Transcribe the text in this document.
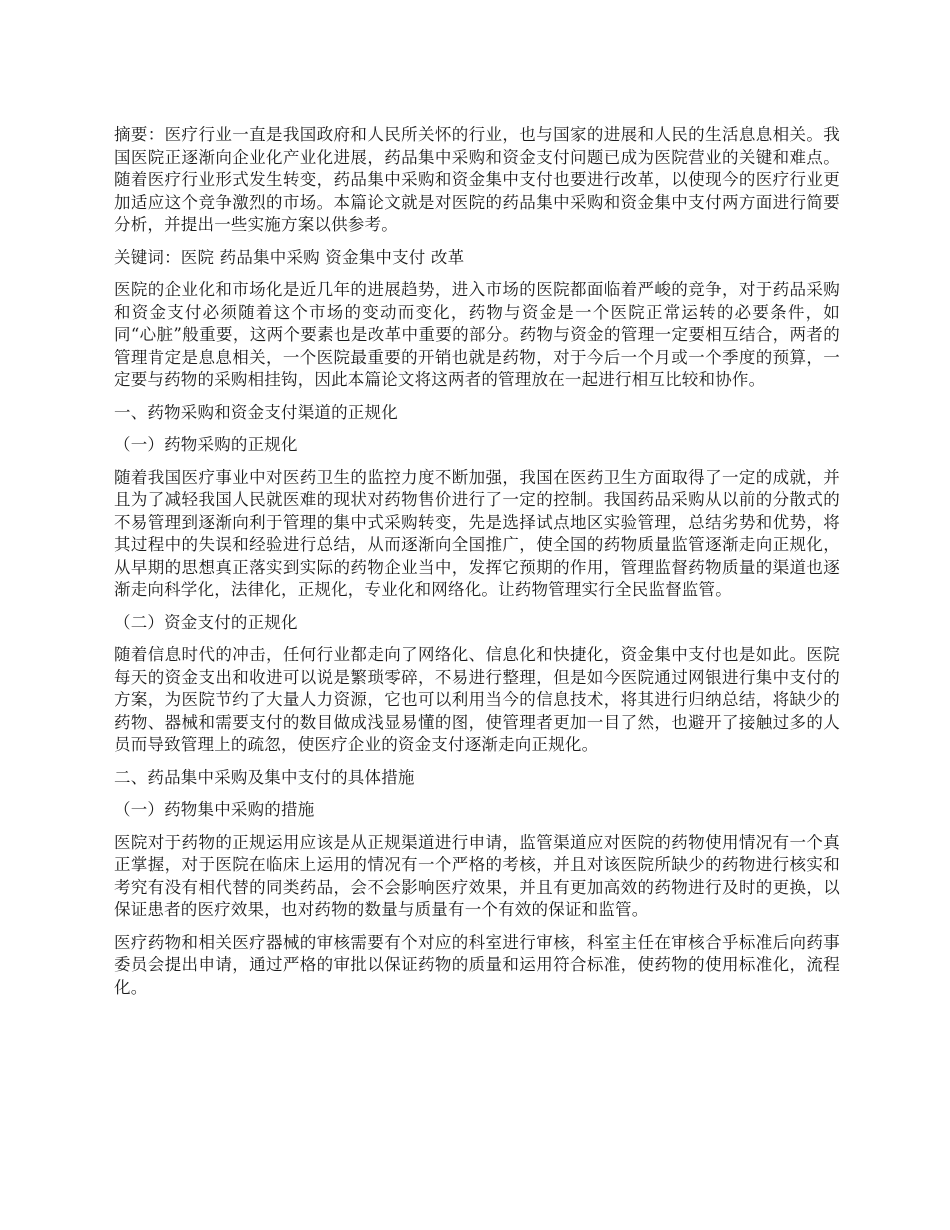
摘要：医疗行业一直是我国政府和人民所关怀的行业，也与国家的进展和人民的生活息息相关。我国医院正逐渐向企业化产业化进展，药品集中采购和资金支付问题已成为医院营业的关键和难点。随着医疗行业形式发生转变，药品集中采购和资金集中支付也要进行改革，以使现今的医疗行业更加适应这个竞争激烈的市场。本篇论文就是对医院的药品集中采购和资金集中支付两方面进行简要分析，并提出一些实施方案以供参考。

关键词：医院 药品集中采购 资金集中支付 改革

医院的企业化和市场化是近几年的进展趋势，进入市场的医院都面临着严峻的竞争，对于药品采购和资金支付必须随着这个市场的变动而变化，药物与资金是一个医院正常运转的必要条件，如同“心脏”般重要，这两个要素也是改革中重要的部分。药物与资金的管理一定要相互结合，两者的管理肯定是息息相关，一个医院最重要的开销也就是药物，对于今后一个月或一个季度的预算，一定要与药物的采购相挂钩，因此本篇论文将这两者的管理放在一起进行相互比较和协作。

一、药物采购和资金支付渠道的正规化

（一）药物采购的正规化

随着我国医疗事业中对医药卫生的监控力度不断加强，我国在医药卫生方面取得了一定的成就，并且为了减轻我国人民就医难的现状对药物售价进行了一定的控制。我国药品采购从以前的分散式的不易管理到逐渐向利于管理的集中式采购转变，先是选择试点地区实验管理，总结劣势和优势，将其过程中的失误和经验进行总结，从而逐渐向全国推广，使全国的药物质量监管逐渐走向正规化，从早期的思想真正落实到实际的药物企业当中，发挥它预期的作用，管理监督药物质量的渠道也逐渐走向科学化，法律化，正规化，专业化和网络化。让药物管理实行全民监督监管。

（二）资金支付的正规化

随着信息时代的冲击，任何行业都走向了网络化、信息化和快捷化，资金集中支付也是如此。医院每天的资金支出和收进可以说是繁琐零碎，不易进行整理，但是如今医院通过网银进行集中支付的方案，为医院节约了大量人力资源，它也可以利用当今的信息技术，将其进行归纳总结，将缺少的药物、器械和需要支付的数目做成浅显易懂的图，使管理者更加一目了然，也避开了接触过多的人员而导致管理上的疏忽，使医疗企业的资金支付逐渐走向正规化。

二、药品集中采购及集中支付的具体措施

（一）药物集中采购的措施

医院对于药物的正规运用应该是从正规渠道进行申请，监管渠道应对医院的药物使用情况有一个真正掌握，对于医院在临床上运用的情况有一个严格的考核，并且对该医院所缺少的药物进行核实和考究有没有相代替的同类药品，会不会影响医疗效果，并且有更加高效的药物进行及时的更换，以保证患者的医疗效果，也对药物的数量与质量有一个有效的保证和监管。

医疗药物和相关医疗器械的审核需要有个对应的科室进行审核，科室主任在审核合乎标准后向药事委员会提出申请，通过严格的审批以保证药物的质量和运用符合标准，使药物的使用标准化，流程化。
